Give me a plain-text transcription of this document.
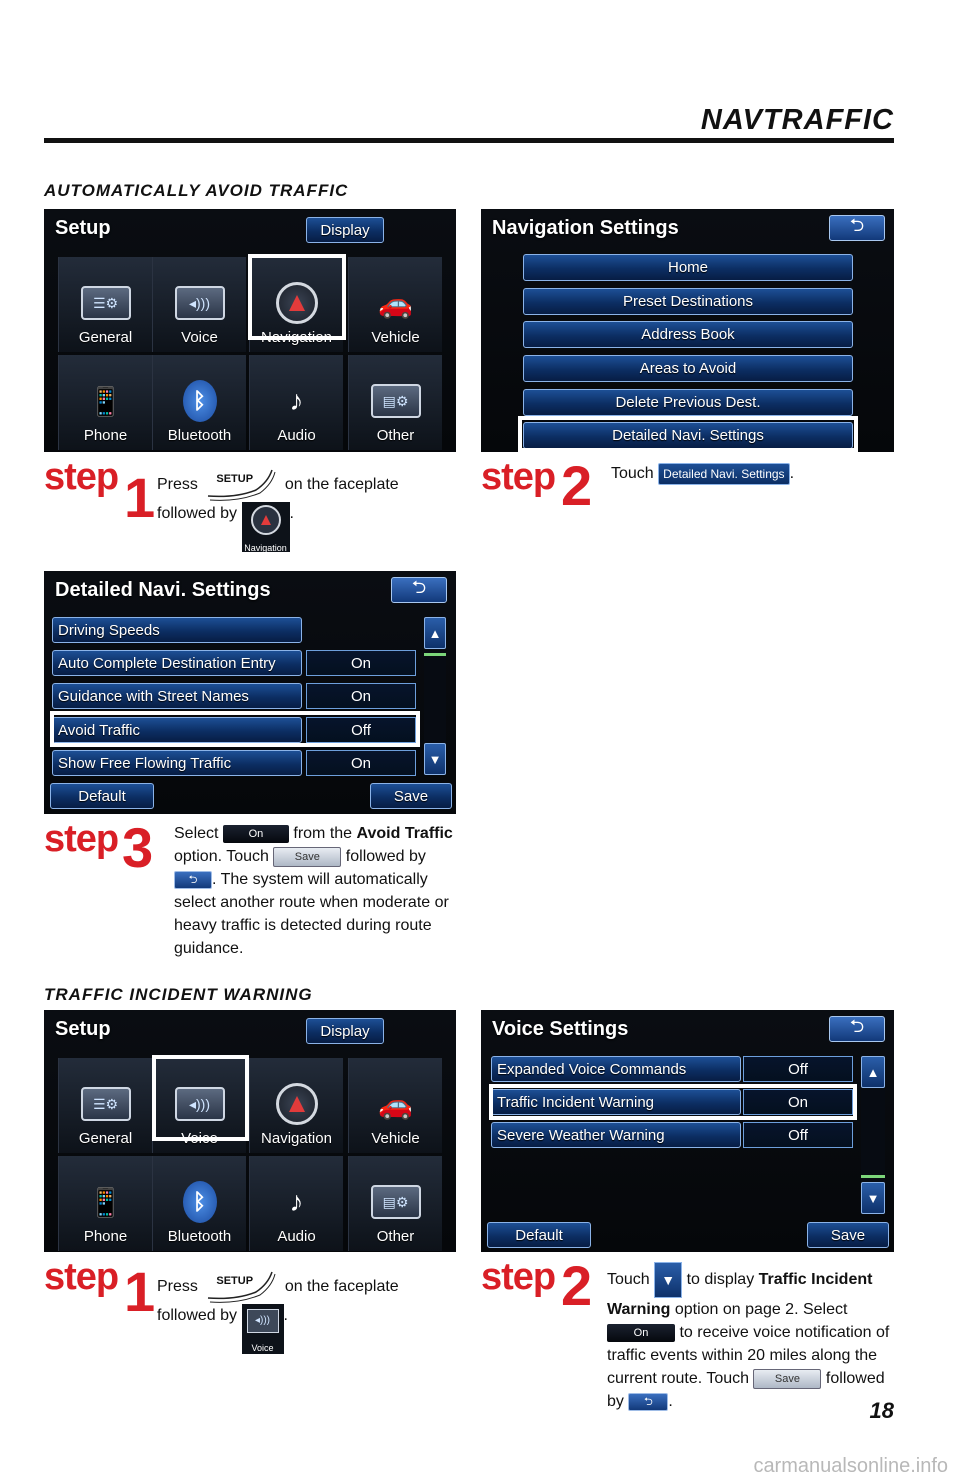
NAVTRAFFIC
AUTOMATICALLY AVOID TRAFFIC
Setup	Display
☰⚙
General
◂)))
Voice	Navigation
🚗
Vehicle
📱
Phone
ᛒ
Bluetooth
♪
Audio
▤⚙
Other
Navigation Settings	⮌
Home
Preset Destinations
Address Book
Areas to Avoid
Delete Previous Dest.
Detailed Navi. Settings
step 1 Press SETUP on the faceplate
followed by
Navigation
.
step 2 Touch Detailed Navi. Settings .
Detailed Navi. Settings	⮌
Driving Speeds
Auto Complete Destination Entry	On
Guidance with Street Names	On
Avoid Traffic	Off
Show Free Flowing Traffic	On
▲
▼
Default	Save
step 3 Select	On from the Avoid Traffic option. Touch Save followed by ⮌ . The system will automatically select another route when moderate or heavy traffic is detected during route guidance.
TRAFFIC INCIDENT WARNING
Setup	Display
☰⚙
General
◂)))
Voice	Navigation
🚗
Vehicle
📱
Phone
ᛒ
Bluetooth
♪
Audio
▤⚙
Other
Voice Settings	⮌
Expanded Voice Commands	Off
Traffic Incident Warning	On
Severe Weather Warning	Off
▲
▼
Default	Save
step 1 Press SETUP on the faceplate
followed by	◂)))
Voice
.
step 2 Touch ▼ to display Traffic Incident Warning option on page 2. Select On to receive voice notification of traffic events within 20 miles along the current route. Touch Save followed by ⮌ .	18
carmanualsonline.info
